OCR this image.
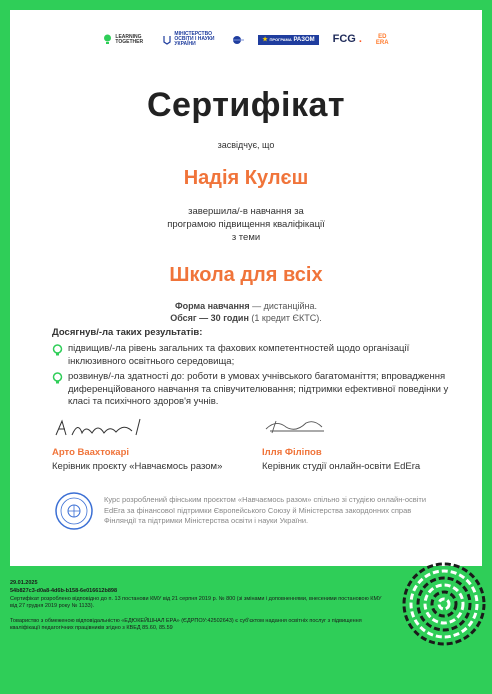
LEARNING TOGETHER
МІНІСТЕРСТВО ОСВІТИ І НАУКИ УКРАЇНИ
★ ПРОГРАМА РАЗОМ	FCG .	ED
ERA
Сертифікат
засвідчує, що
Надія Кулєш
завершила/-в навчання за
програмою підвищення кваліфікації
з теми
Школа для всіх
Форма навчання — дистанційна.
Обсяг — 30 годин (1 кредит ЄКТС).
Досягнув/-ла таких результатів:
підвищив/-ла рівень загальних та фахових компетентностей щодо організації інклюзивного освітнього середовища;
розвинув/-ла здатності до: роботи в умовах учнівського багатоманіття; впровадження диференційованого навчання та співучителювання; підтримки ефективної поведінки у класі та психічного здоров'я учнів.
Арто Ваахтокарі
Керівник проєкту «Навчаємось разом»
Ілля Філіпов
Керівник студії онлайн-освіти EdEra
Курс розроблений фінським проєктом «Навчаємось разом» спільно зі студією онлайн-освіти EdEra за фінансової підтримки Європейського Союзу й Міністерства закордонних справ Фінляндії та підтримки Міністерства освіти і науки України.

29.01.2025

54b827c3-d0a8-4d6b-b158-6e016612b898

Сертифікат розроблено відповідно до п. 13 постанови КМУ від 21 серпня 2019 р. № 800 (зі змінами і доповненнями, внесеними постановою КМУ від 27 грудня 2019 року № 1133).

Товариство з обмеженою відповідальністю «ЕДЮКЕЙШНАЛ ЕРА» (ЄДРПОУ:42502643) є суб'єктом надання освітніх послуг з підвищення кваліфікації педагогічних працівників згідно з КВЕД 85.60, 85.59
